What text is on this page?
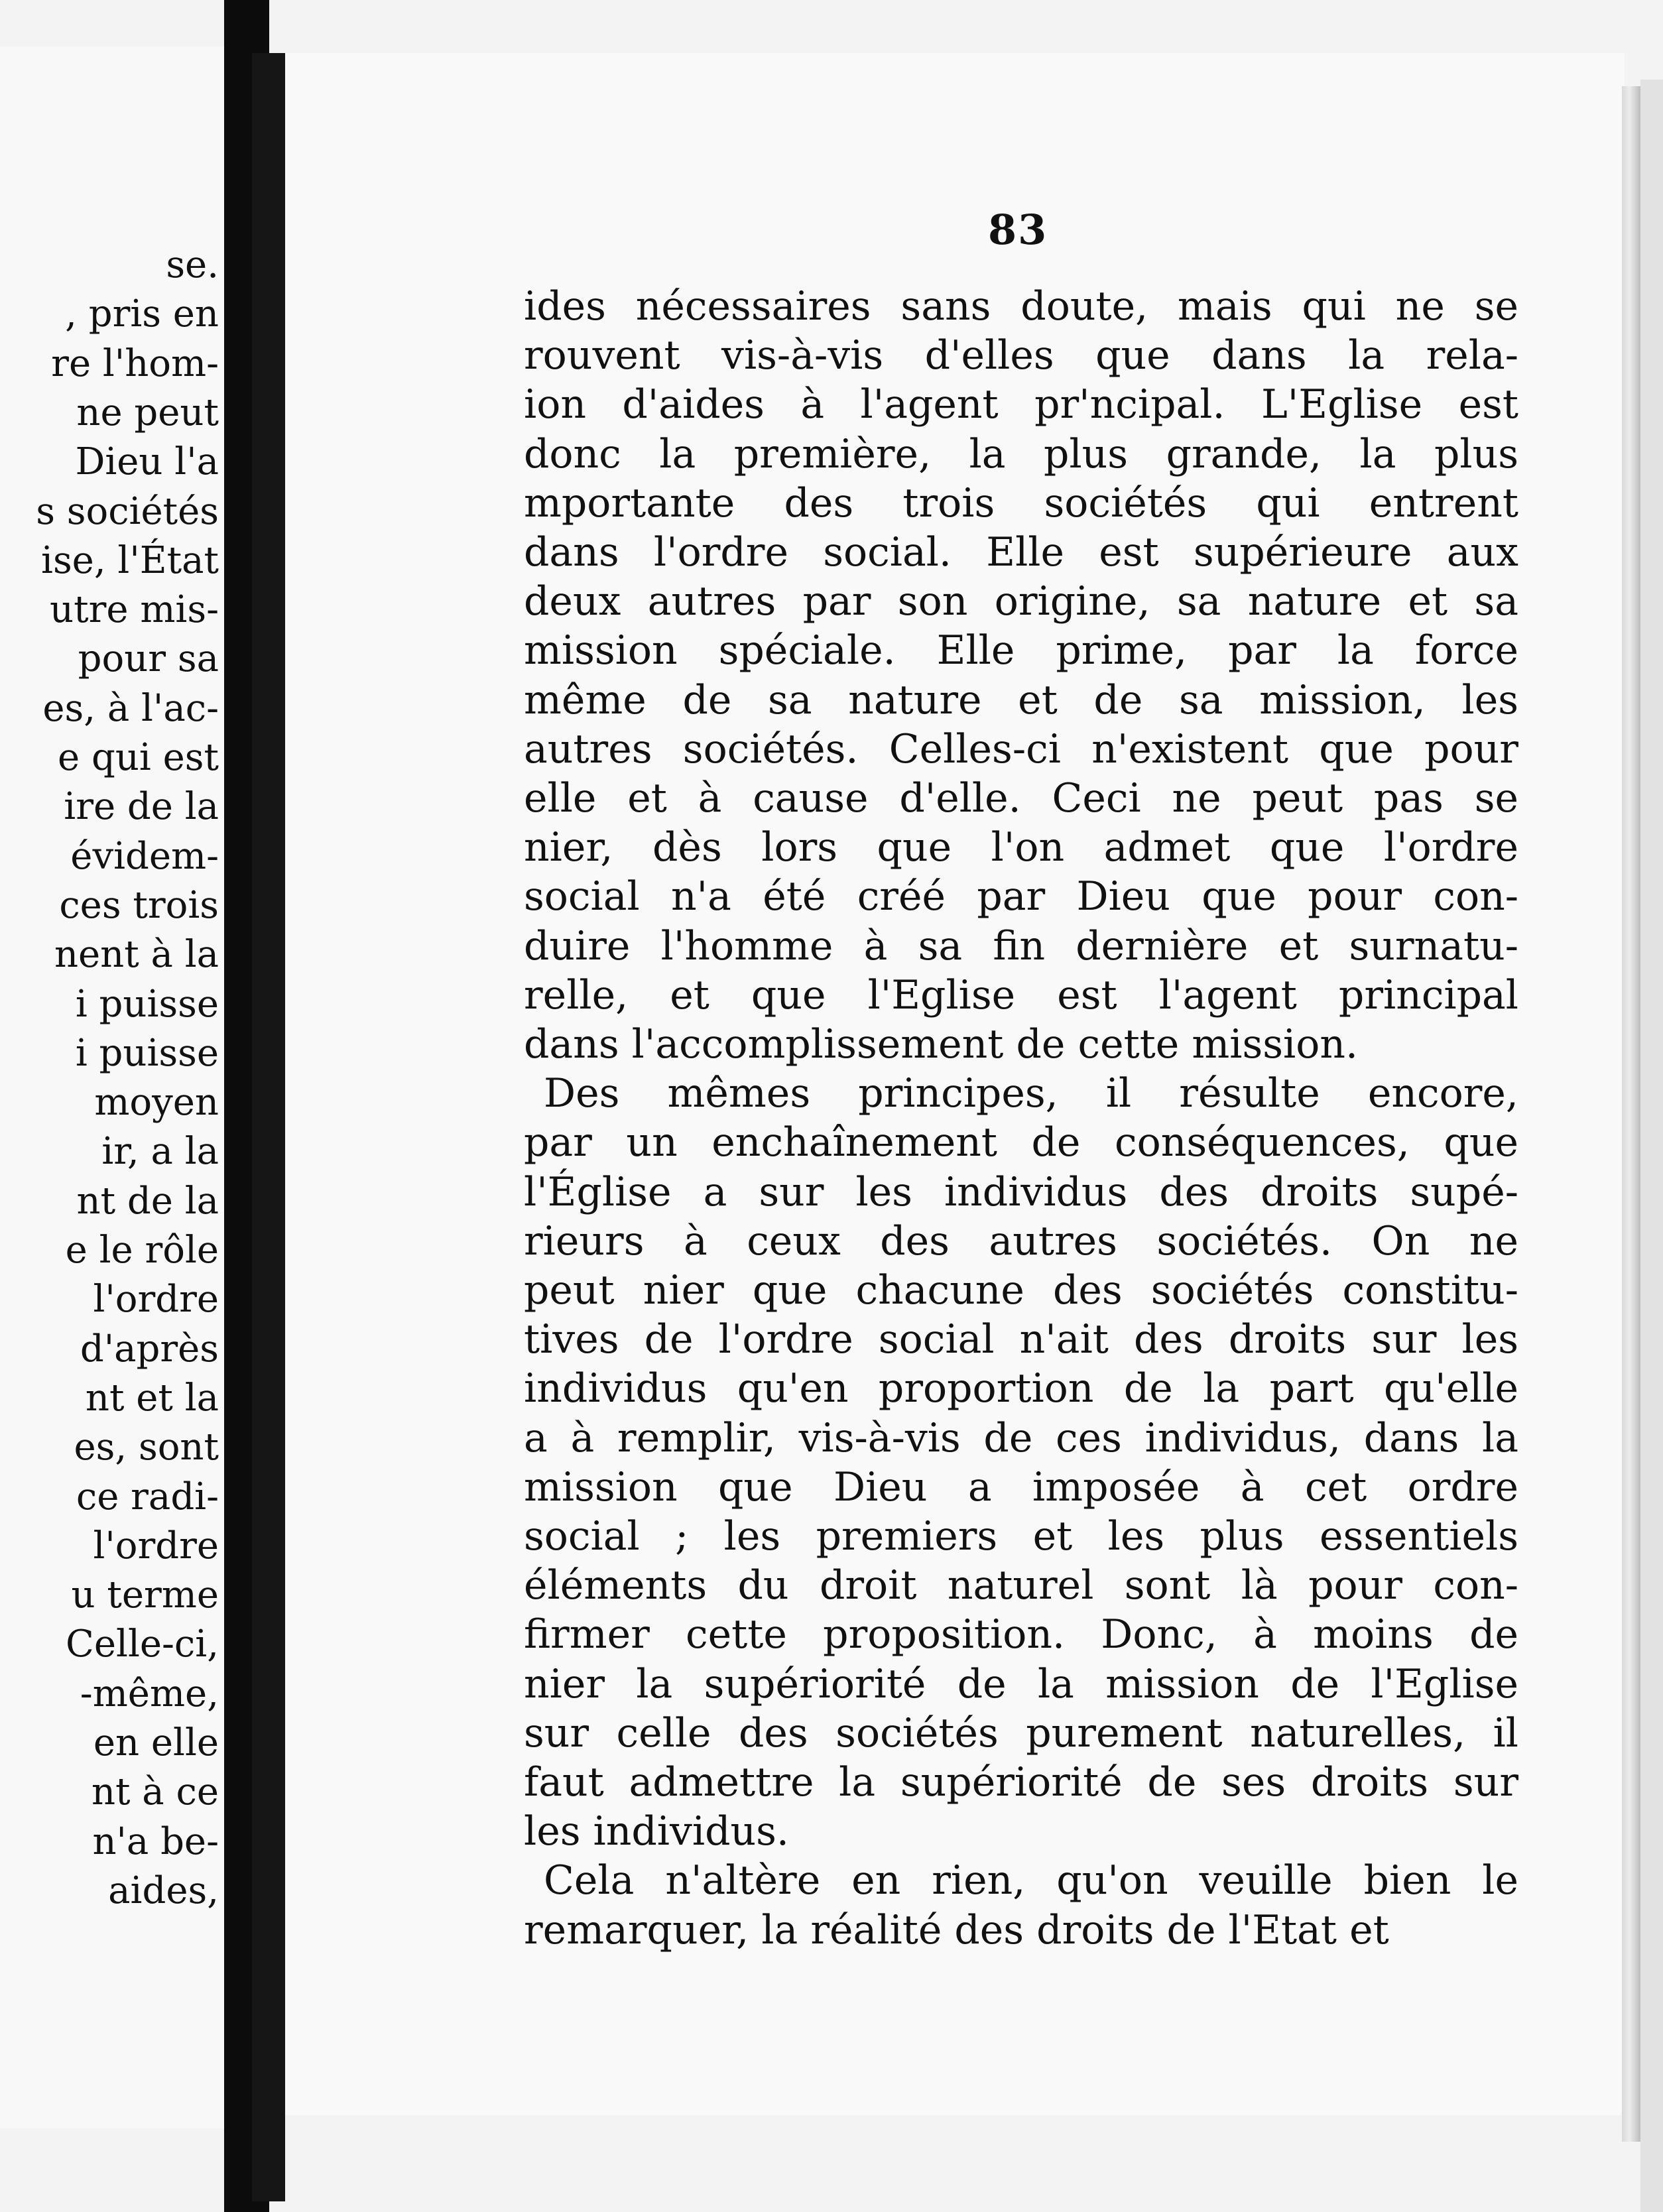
se.
, pris en
re l'hom-
ne peut
Dieu l'a
s sociétés
ise, l'État
utre mis-
pour sa
es, à l'ac-
e qui est
ire de la
évidem-
ces trois
nent à la
i puisse
i puisse
moyen
ir, a la
nt de la
e le rôle
l'ordre
d'après
nt et la
es, sont
ce radi-
l'ordre
u terme
Celle-ci,
-même,
en elle
nt à ce
n'a be-
aides,
83
ides nécessaires sans doute, mais qui ne se
rouvent vis-à-vis d'elles que dans la rela-
ion d'aides à l'agent pr'ncipal. L'Eglise est
donc la première, la plus grande, la plus
mportante des trois sociétés qui entrent
dans l'ordre social. Elle est supérieure aux
deux autres par son origine, sa nature et sa
mission spéciale. Elle prime, par la force
même de sa nature et de sa mission, les
autres sociétés. Celles-ci n'existent que pour
elle et à cause d'elle. Ceci ne peut pas se
nier, dès lors que l'on admet que l'ordre
social n'a été créé par Dieu que pour con-
duire l'homme à sa fin dernière et surnatu-
relle, et que l'Eglise est l'agent principal
dans l'accomplissement de cette mission.
Des mêmes principes, il résulte encore,
par un enchaînement de conséquences, que
l'Église a sur les individus des droits supé-
rieurs à ceux des autres sociétés. On ne
peut nier que chacune des sociétés constitu-
tives de l'ordre social n'ait des droits sur les
individus qu'en proportion de la part qu'elle
a à remplir, vis-à-vis de ces individus, dans la
mission que Dieu a imposée à cet ordre
social ; les premiers et les plus essentiels
éléments du droit naturel sont là pour con-
firmer cette proposition. Donc, à moins de
nier la supériorité de la mission de l'Eglise
sur celle des sociétés purement naturelles, il
faut admettre la supériorité de ses droits sur
les individus.
Cela n'altère en rien, qu'on veuille bien le
remarquer, la réalité des droits de l'Etat et
